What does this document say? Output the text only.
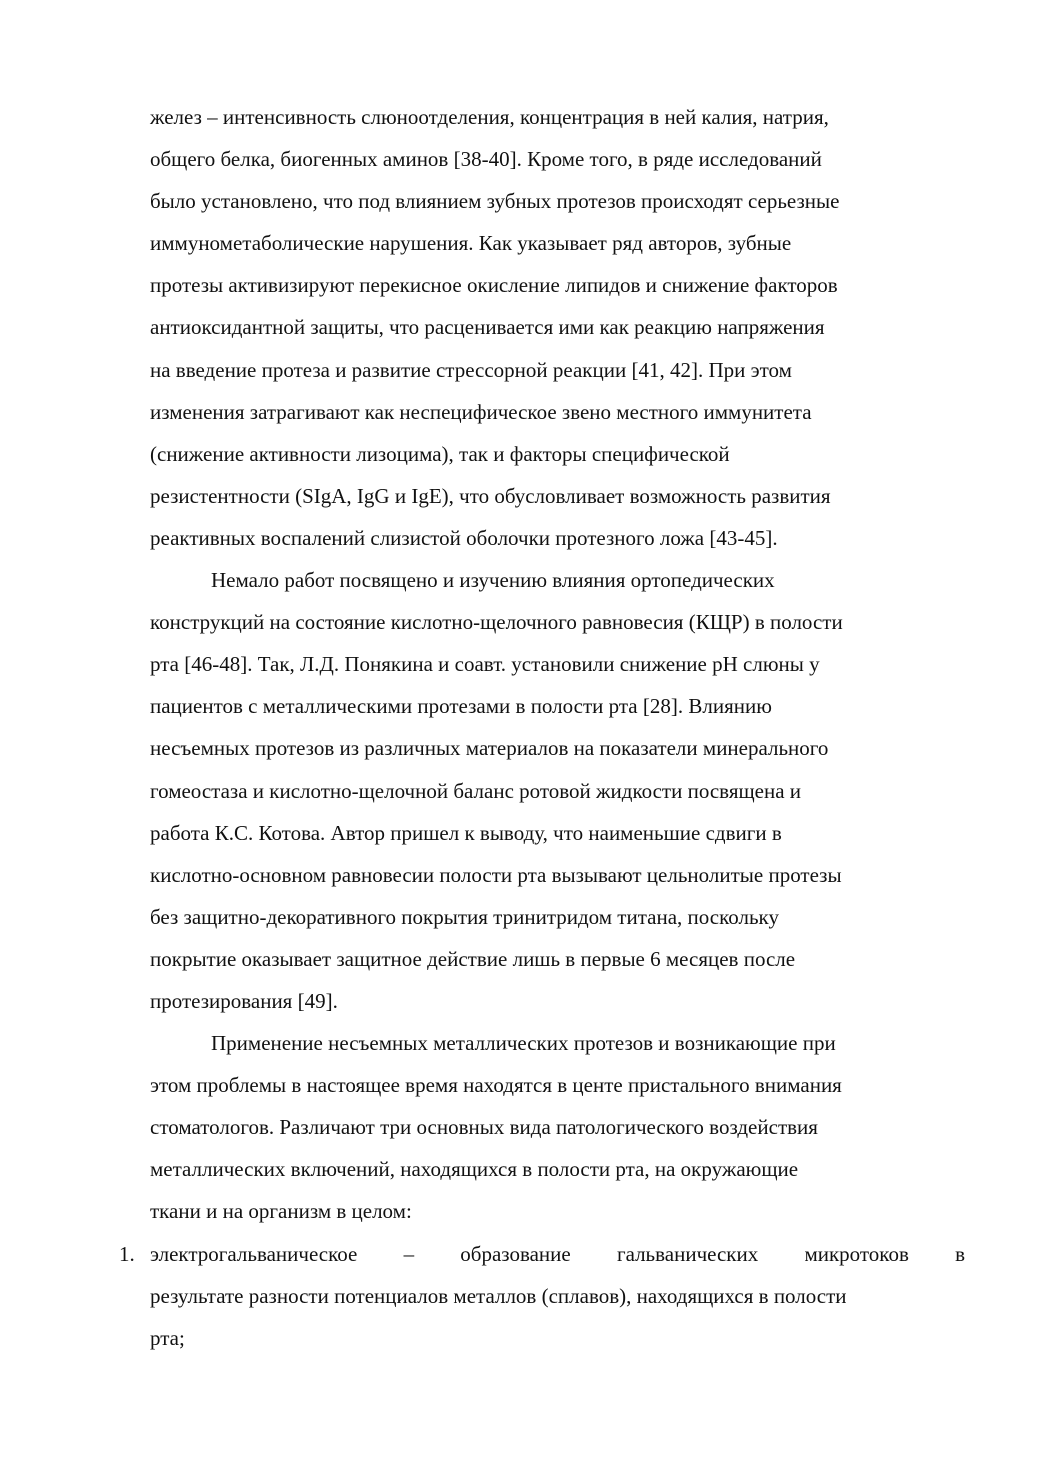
желез – интенсивность слюноотделения, концентрация в ней калия, натрия,
общего белка, биогенных аминов [38-40]. Кроме того, в ряде исследований
было установлено, что под влиянием зубных протезов происходят серьезные
иммунометаболические нарушения. Как указывает ряд авторов, зубные
протезы активизируют перекисное окисление липидов и снижение факторов
антиоксидантной защиты, что расценивается ими как реакцию напряжения
на введение протеза и развитие стрессорной реакции [41, 42]. При этом
изменения затрагивают как неспецифическое звено местного иммунитета
(снижение активности лизоцима), так и факторы специфической
резистентности (SIgA, IgG и IgE), что обусловливает возможность развития
реактивных воспалений слизистой оболочки протезного ложа [43-45].
Немало работ посвящено и изучению влияния ортопедических
конструкций на состояние кислотно-щелочного равновесия (КЩР) в полости
рта [46-48]. Так, Л.Д. Понякина и соавт. установили снижение pH слюны у
пациентов с металлическими протезами в полости рта [28]. Влиянию
несъемных протезов из различных материалов на показатели минерального
гомеостаза и кислотно-щелочной баланс ротовой жидкости посвящена и
работа К.С. Котова. Автор пришел к выводу, что наименьшие сдвиги в
кислотно-основном равновесии полости рта вызывают цельнолитые протезы
без защитно-декоративного покрытия тринитридом титана, поскольку
покрытие оказывает защитное действие лишь в первые 6 месяцев после
протезирования [49].
Применение несъемных металлических протезов и возникающие при
этом проблемы в настоящее время находятся в центе пристального внимания
стоматологов. Различают три основных вида патологического воздействия
металлических включений, находящихся в полости рта, на окружающие
ткани и на организм в целом:
1. электрогальваническое – образование гальванических микротоков в
результате разности потенциалов металлов (сплавов), находящихся в полости
рта;
